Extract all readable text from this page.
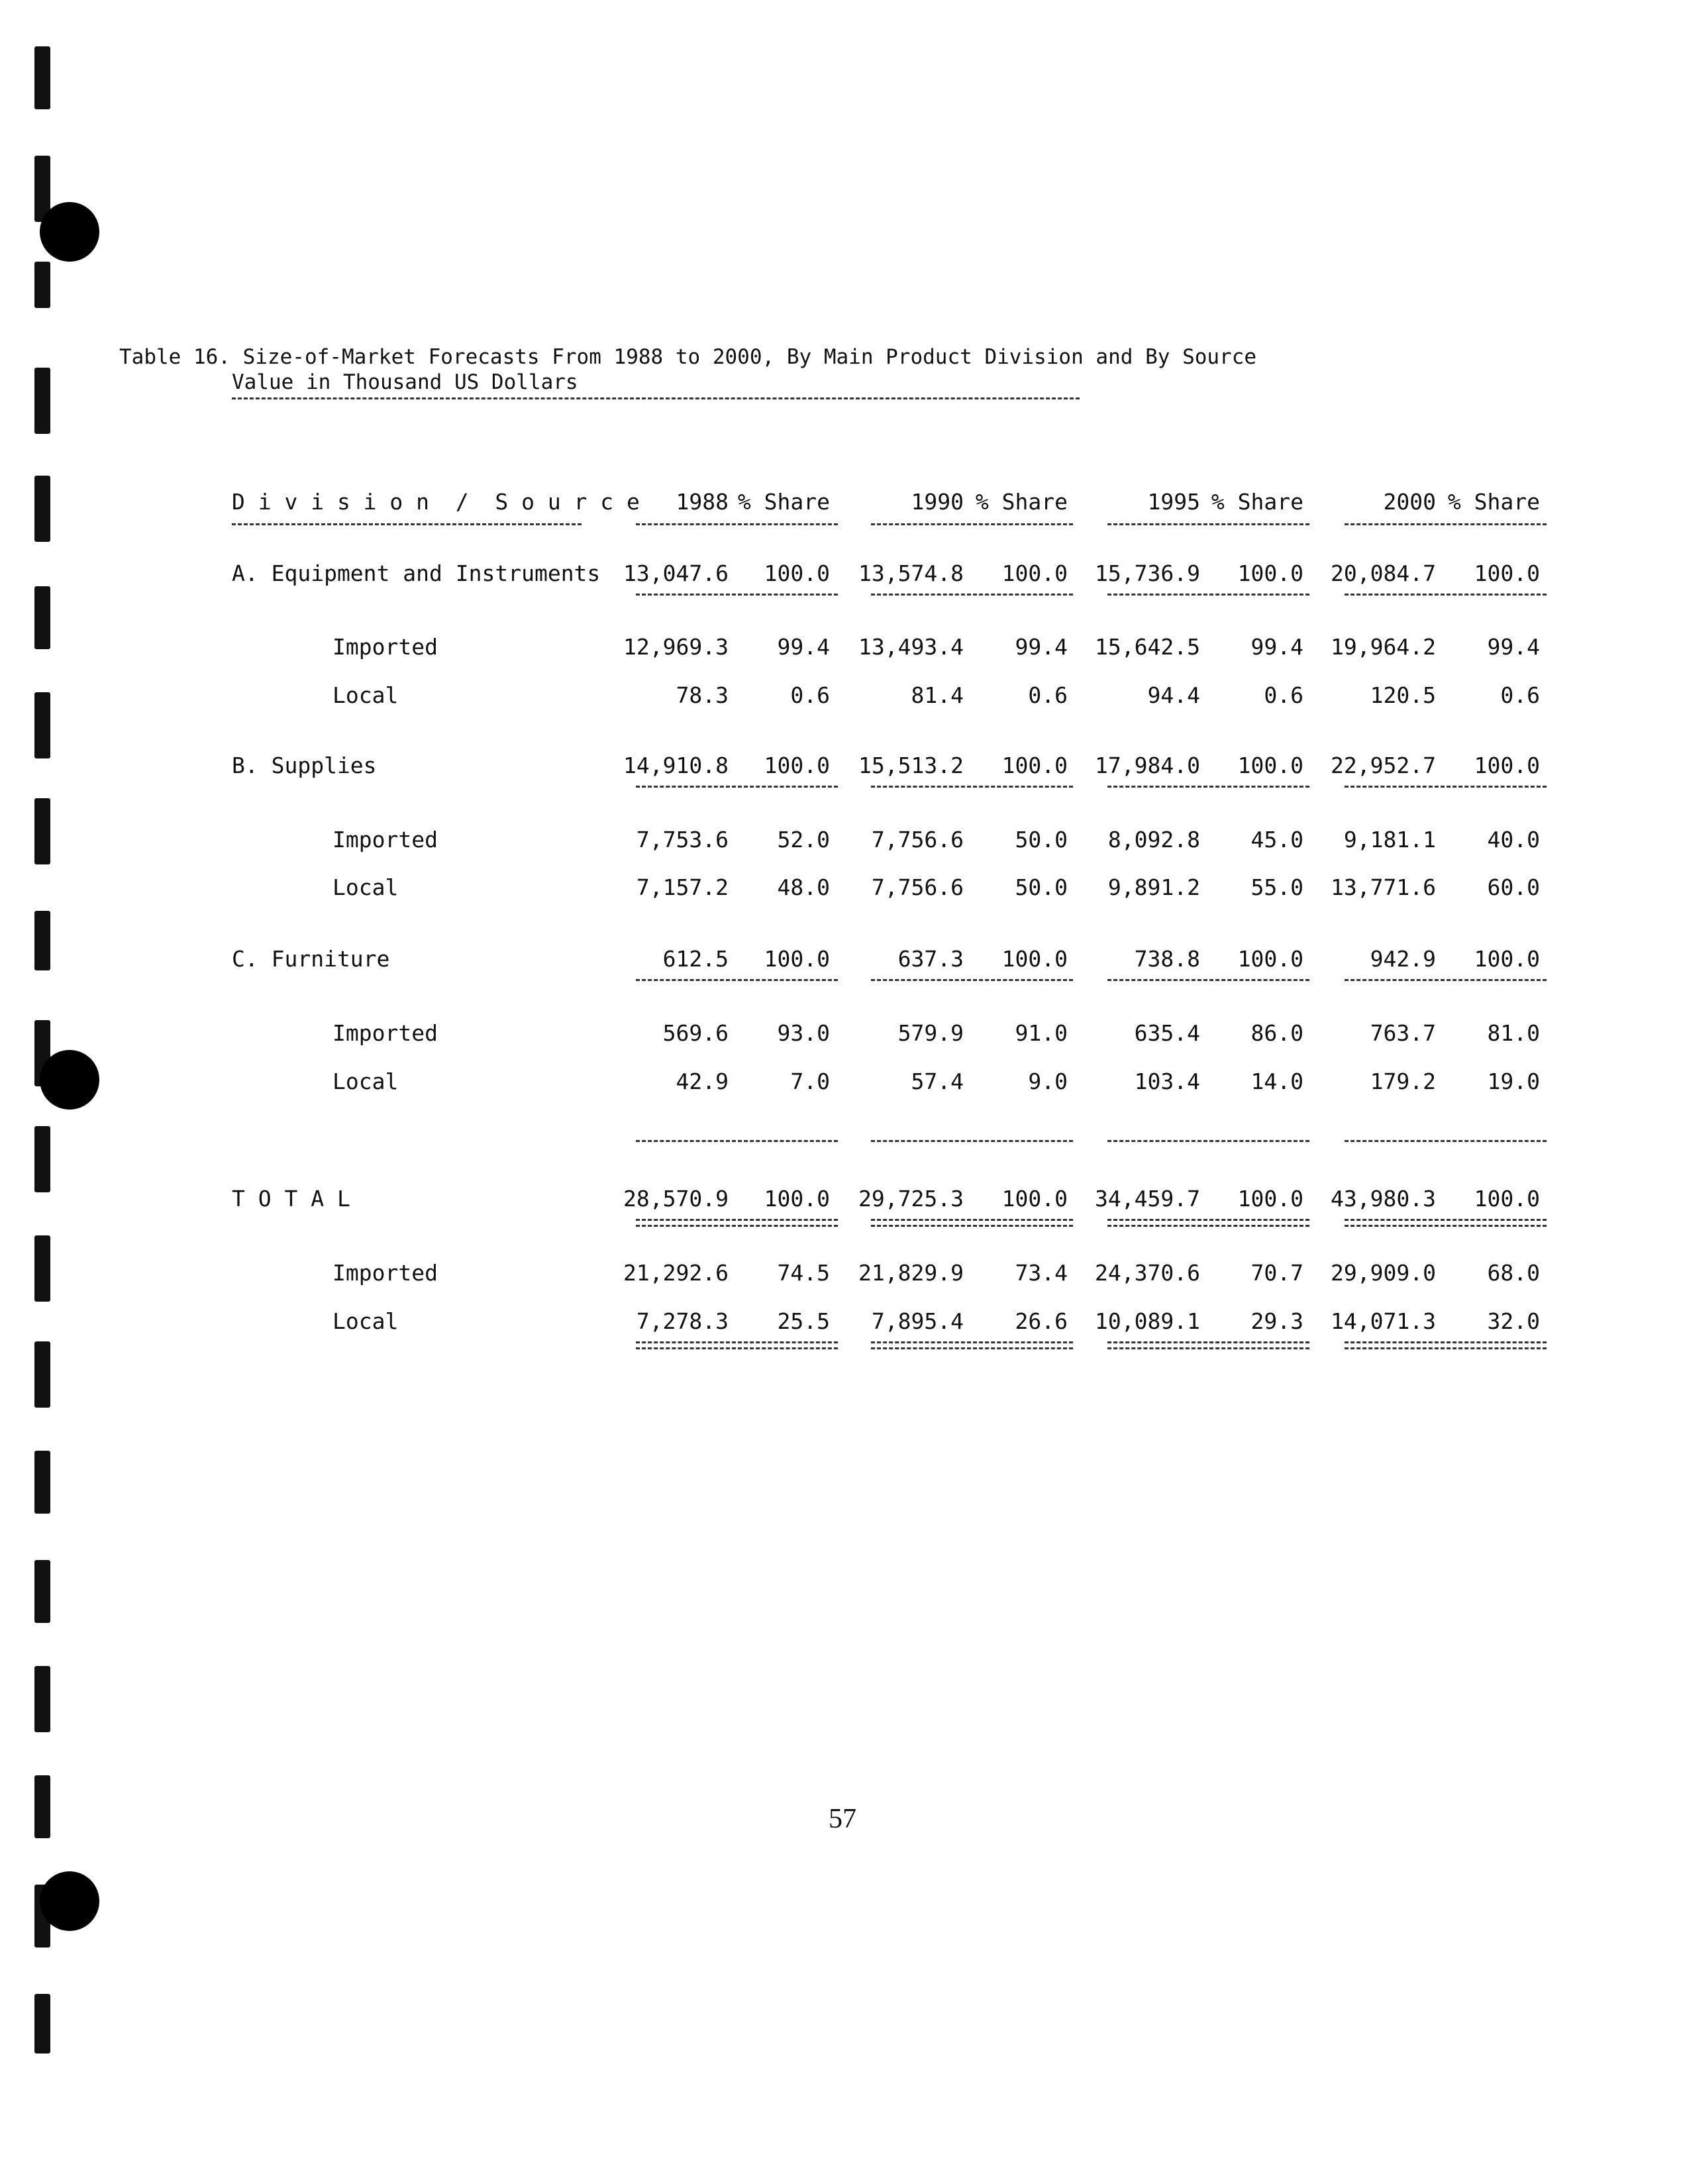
Table 16. Size-of-Market Forecasts From 1988 to 2000, By Main Product Division and By Source
Value in Thousand US Dollars
D i v i s i o n  /  S o u r c e	1988 % Share	1990 % Share	1995 % Share	2000 % Share
A. Equipment and Instruments	13,047.6	100.0	13,574.8	100.0	15,736.9	100.0	20,084.7	100.0
Imported	12,969.3	99.4	13,493.4	99.4	15,642.5	99.4	19,964.2	99.4
Local	78.3	0.6	81.4	0.6	94.4	0.6	120.5	0.6
B. Supplies	14,910.8	100.0	15,513.2	100.0	17,984.0	100.0	22,952.7	100.0
Imported	7,753.6	52.0	7,756.6	50.0	8,092.8	45.0	9,181.1	40.0
Local	7,157.2	48.0	7,756.6	50.0	9,891.2	55.0	13,771.6	60.0
C. Furniture	612.5	100.0	637.3	100.0	738.8	100.0	942.9	100.0
Imported	569.6	93.0	579.9	91.0	635.4	86.0	763.7	81.0
Local	42.9	7.0	57.4	9.0	103.4	14.0	179.2	19.0
T O T A L	28,570.9	100.0	29,725.3	100.0	34,459.7	100.0	43,980.3	100.0
Imported	21,292.6	74.5	21,829.9	73.4	24,370.6	70.7	29,909.0	68.0
Local	7,278.3	25.5	7,895.4	26.6	10,089.1	29.3	14,071.3	32.0
57
